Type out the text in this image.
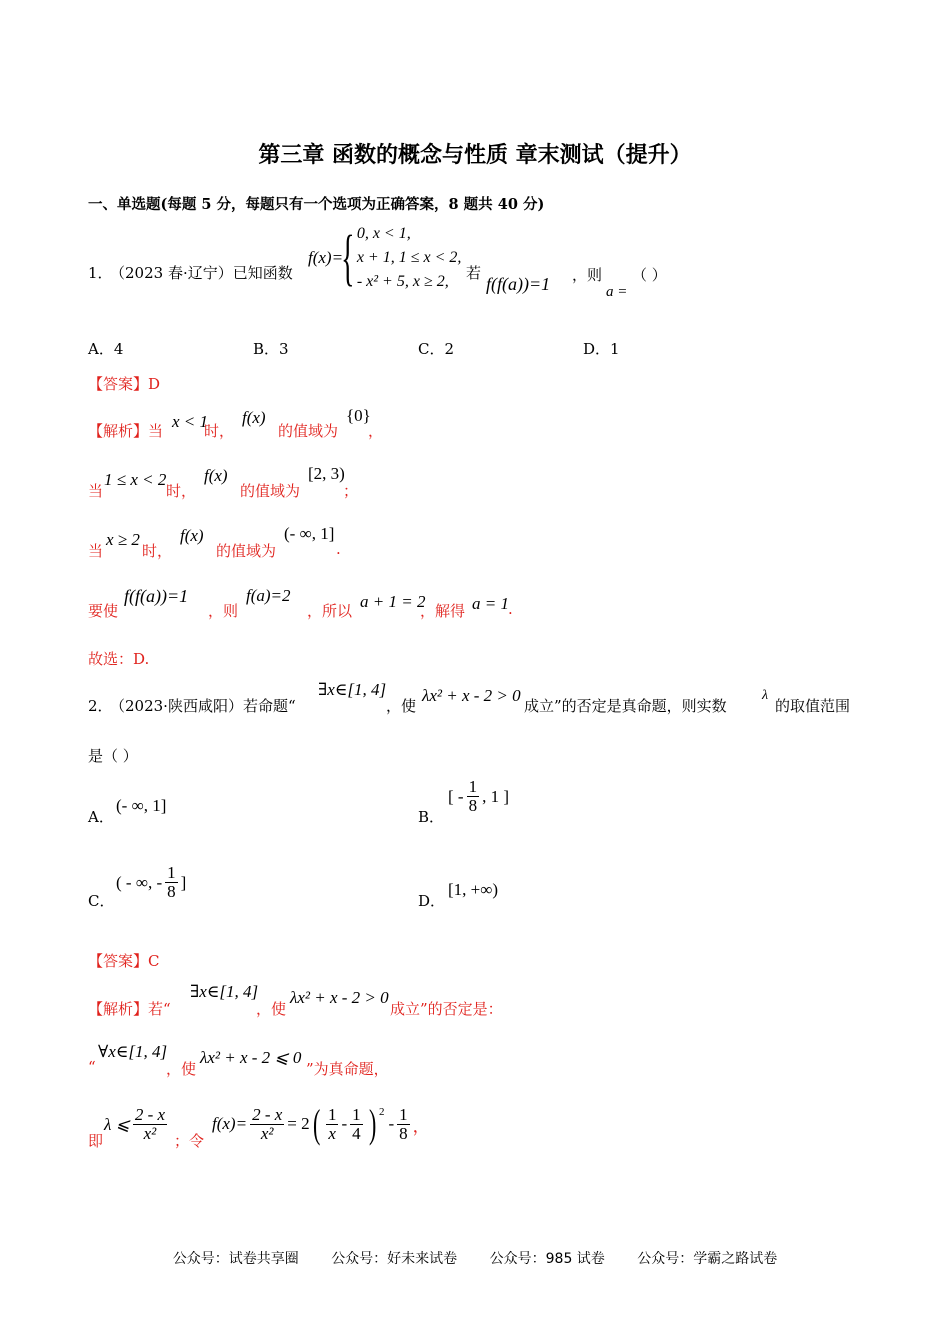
第三章 函数的概念与性质 章末测试（提升）
一、单选题(每题 5 分，每题只有一个选项为正确答案，8 题共 40 分)
1．
（2023 春·辽宁）已知函数
f(x)=
{ 0, x < 1,
x + 1, 1 ≤ x < 2,
- x² + 5, x ≥ 2,	若
f(f(a))=1 ，则
a =
（ ）
A．4	B．3	C．2	D．1
【答案】D
【解析】当 x < 1
时，
f(x)
的值域为
{0}
，
当
1 ≤ x < 2
时，
f(x)
的值域为
[2, 3)
；
当
x ≥ 2
时，
f(x)
的值域为
(- ∞, 1]
.
要使
f(f(a))=1
，则
f(a)=2
，所以 a + 1 = 2
，解得 a = 1 .
故选：D.
2．
（2023·陕西咸阳）若命题“
∃x∈[1, 4]
，使
λx² + x - 2 > 0
成立”的否定是真命题，则实数
λ
的取值范围
是（ ）
A．
(- ∞, 1]
B．
[ - $\frac{1}{8}$ , 1 ]
C．
( - ∞, - $\frac{1}{8}$ ]
D．
[1, +∞)
【答案】C
【解析】若“
∃x∈[1, 4]
，使
λx² + x - 2 > 0
成立”的否定是：
“
∀x∈[1, 4]
，使
λx² + x - 2 ⩽ 0
”为真命题，
即
λ ⩽ $\frac{2 - x}{\text{x²}}$ ；令
$f(x)= \frac{2 - x}{\text{x²}} = 2$ ( $\frac{1}{x} - \frac{1}{4}$ ) $^2$
- $\frac{1}{8}$ ，
公众号：试卷共享圈 公众号：好未来试卷 公众号：985 试卷 公众号：学霸之路试卷
